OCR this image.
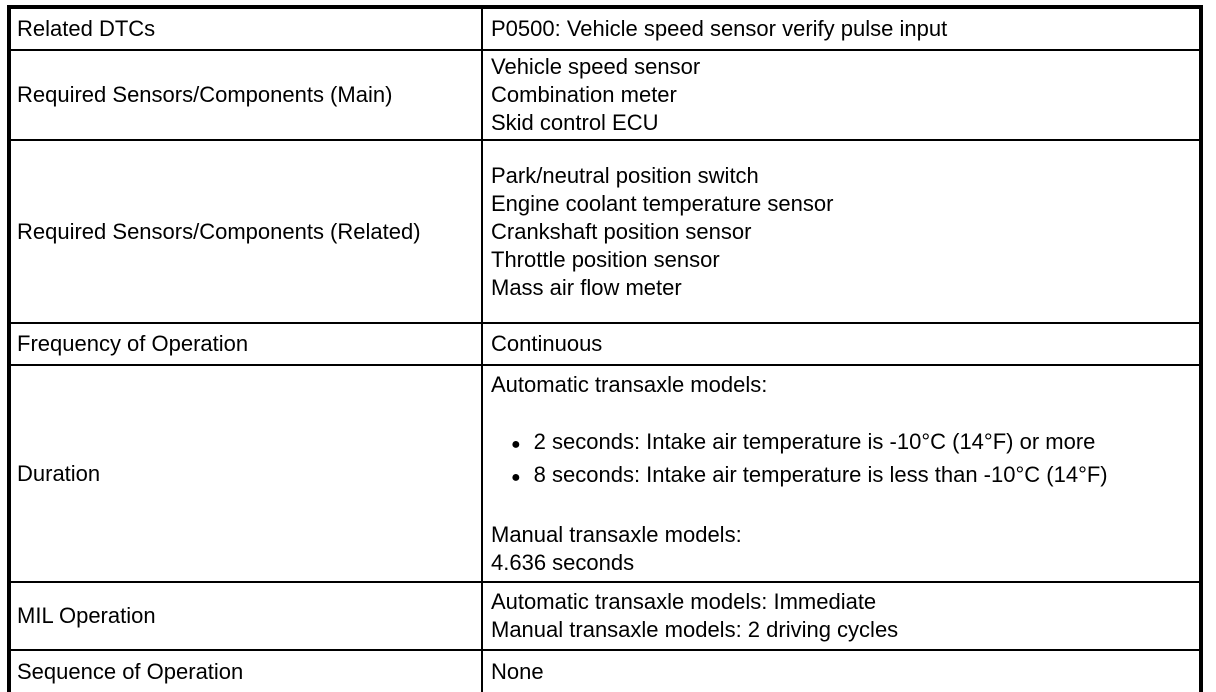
Related DTCs	P0500: Vehicle speed sensor verify pulse input

Required Sensors/Components (Main)	Vehicle speed sensor
Combination meter
Skid control ECU

Required Sensors/Components (Related)	Park/neutral position switch
Engine coolant temperature sensor
Crankshaft position sensor
Throttle position sensor
Mass air flow meter

Frequency of Operation	Continuous

Duration	
Automatic transaxle models:
● 2 seconds: Intake air temperature is -10°C (14°F) or more
● 8 seconds: Intake air temperature is less than -10°C (14°F)
Manual transaxle models:
4.636 seconds

MIL Operation	Automatic transaxle models: Immediate
Manual transaxle models: 2 driving cycles

Sequence of Operation	None
